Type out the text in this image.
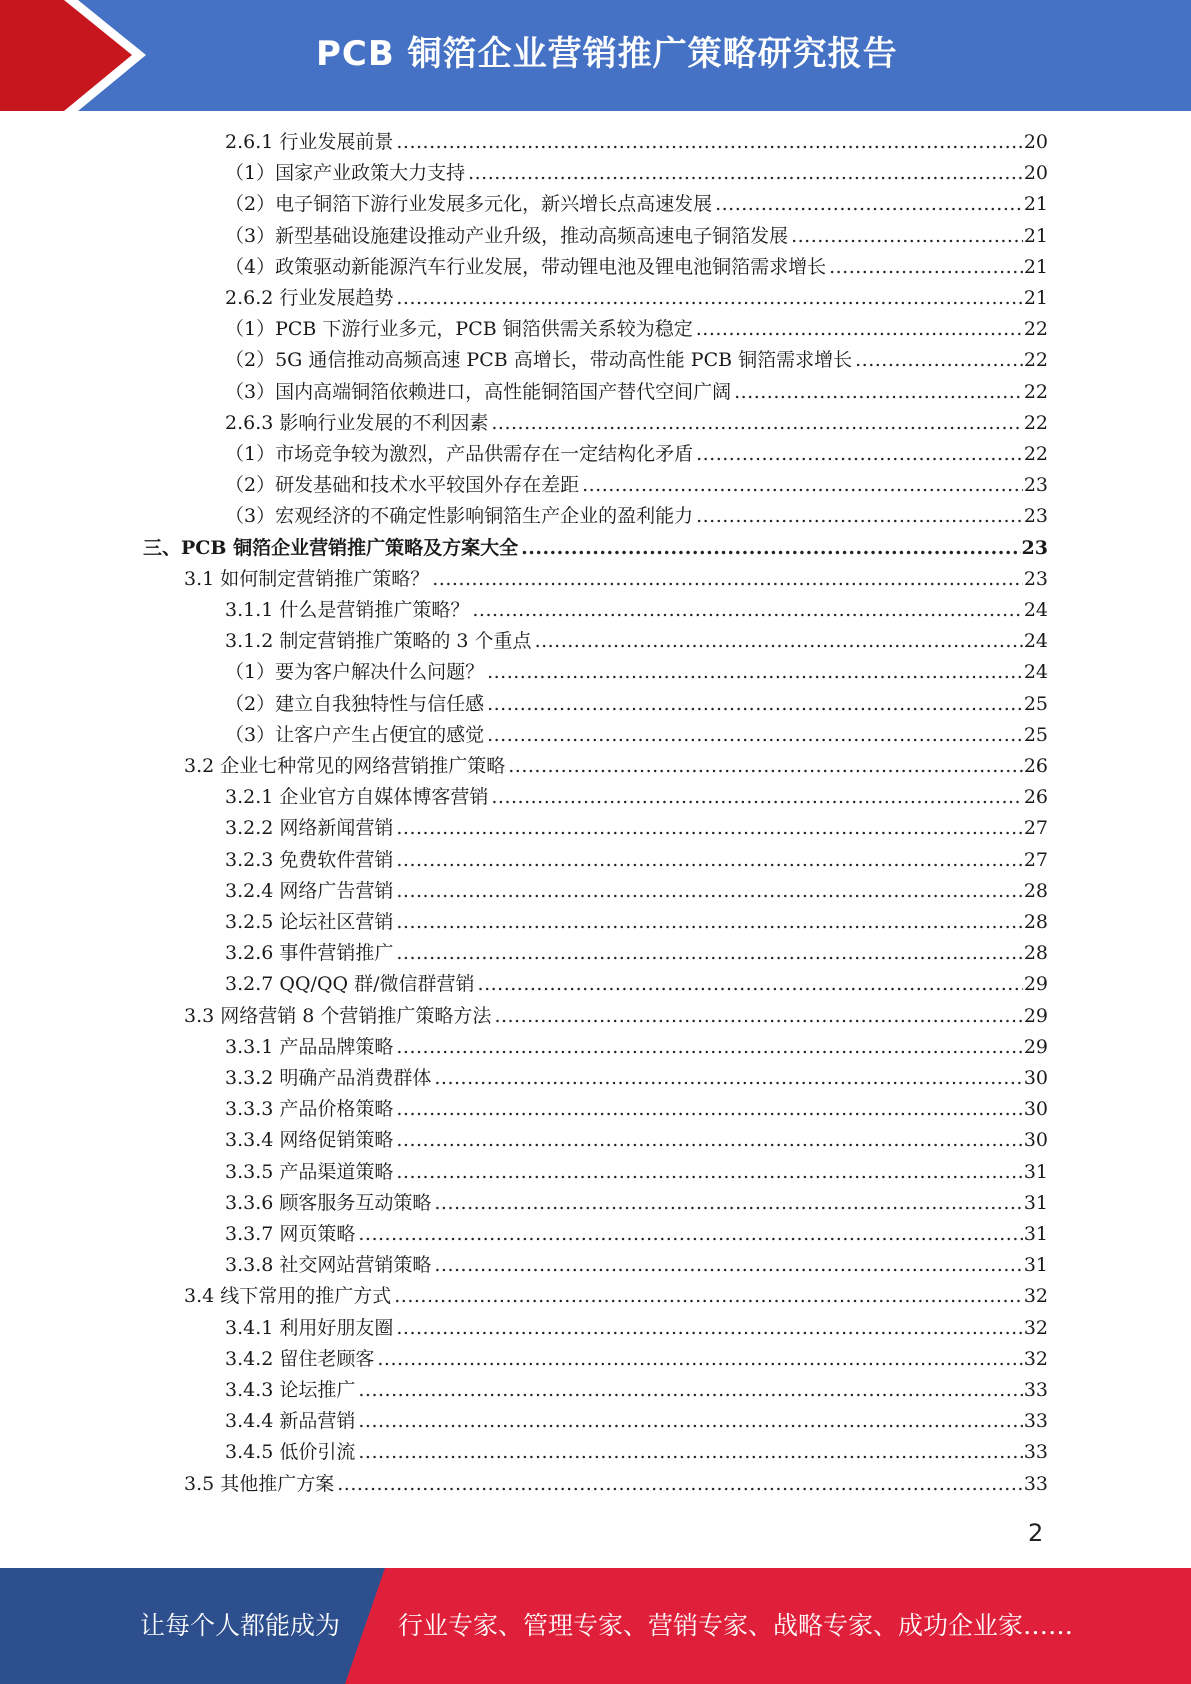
PCB 铜箔企业营销推广策略研究报告
2.6.1 行业发展前景 .....	20
（1）国家产业政策大力支持 .....	20
（2）电子铜箔下游行业发展多元化，新兴增长点高速发展 .....	21
（3）新型基础设施建设推动产业升级，推动高频高速电子铜箔发展 .....	21
（4）政策驱动新能源汽车行业发展，带动锂电池及锂电池铜箔需求增长 .....	21
2.6.2 行业发展趋势 .....	21
（1）PCB 下游行业多元，PCB 铜箔供需关系较为稳定 .....	22
（2）5G 通信推动高频高速 PCB 高增长，带动高性能 PCB 铜箔需求增长 .....	22
（3）国内高端铜箔依赖进口，高性能铜箔国产替代空间广阔 .....	22
2.6.3 影响行业发展的不利因素 .....	22
（1）市场竞争较为激烈，产品供需存在一定结构化矛盾 .....	22
（2）研发基础和技术水平较国外存在差距 .....	23
（3）宏观经济的不确定性影响铜箔生产企业的盈利能力 .....	23
三、PCB 铜箔企业营销推广策略及方案大全 .....	23
3.1 如何制定营销推广策略？ .....	23
3.1.1 什么是营销推广策略？ .....	24
3.1.2 制定营销推广策略的 3 个重点 .....	24
（1）要为客户解决什么问题？ .....	24
（2）建立自我独特性与信任感 .....	25
（3）让客户产生占便宜的感觉 .....	25
3.2 企业七种常见的网络营销推广策略 .....	26
3.2.1 企业官方自媒体博客营销 .....	26
3.2.2 网络新闻营销 .....	27
3.2.3 免费软件营销 .....	27
3.2.4 网络广告营销 .....	28
3.2.5 论坛社区营销 .....	28
3.2.6 事件营销推广 .....	28
3.2.7 QQ/QQ 群/微信群营销 .....	29
3.3 网络营销 8 个营销推广策略方法 .....	29
3.3.1 产品品牌策略 .....	29
3.3.2 明确产品消费群体 .....	30
3.3.3 产品价格策略 .....	30
3.3.4 网络促销策略 .....	30
3.3.5 产品渠道策略 .....	31
3.3.6 顾客服务互动策略 .....	31
3.3.7 网页策略 .....	31
3.3.8 社交网站营销策略 .....	31
3.4 线下常用的推广方式 .....	32
3.4.1 利用好朋友圈 .....	32
3.4.2 留住老顾客 .....	32
3.4.3 论坛推广 .....	33
3.4.4 新品营销 .....	33
3.4.5 低价引流 .....	33
3.5 其他推广方案 .....	33
2
让每个人都能成为 行业专家、管理专家、营销专家、战略专家、成功企业家……
